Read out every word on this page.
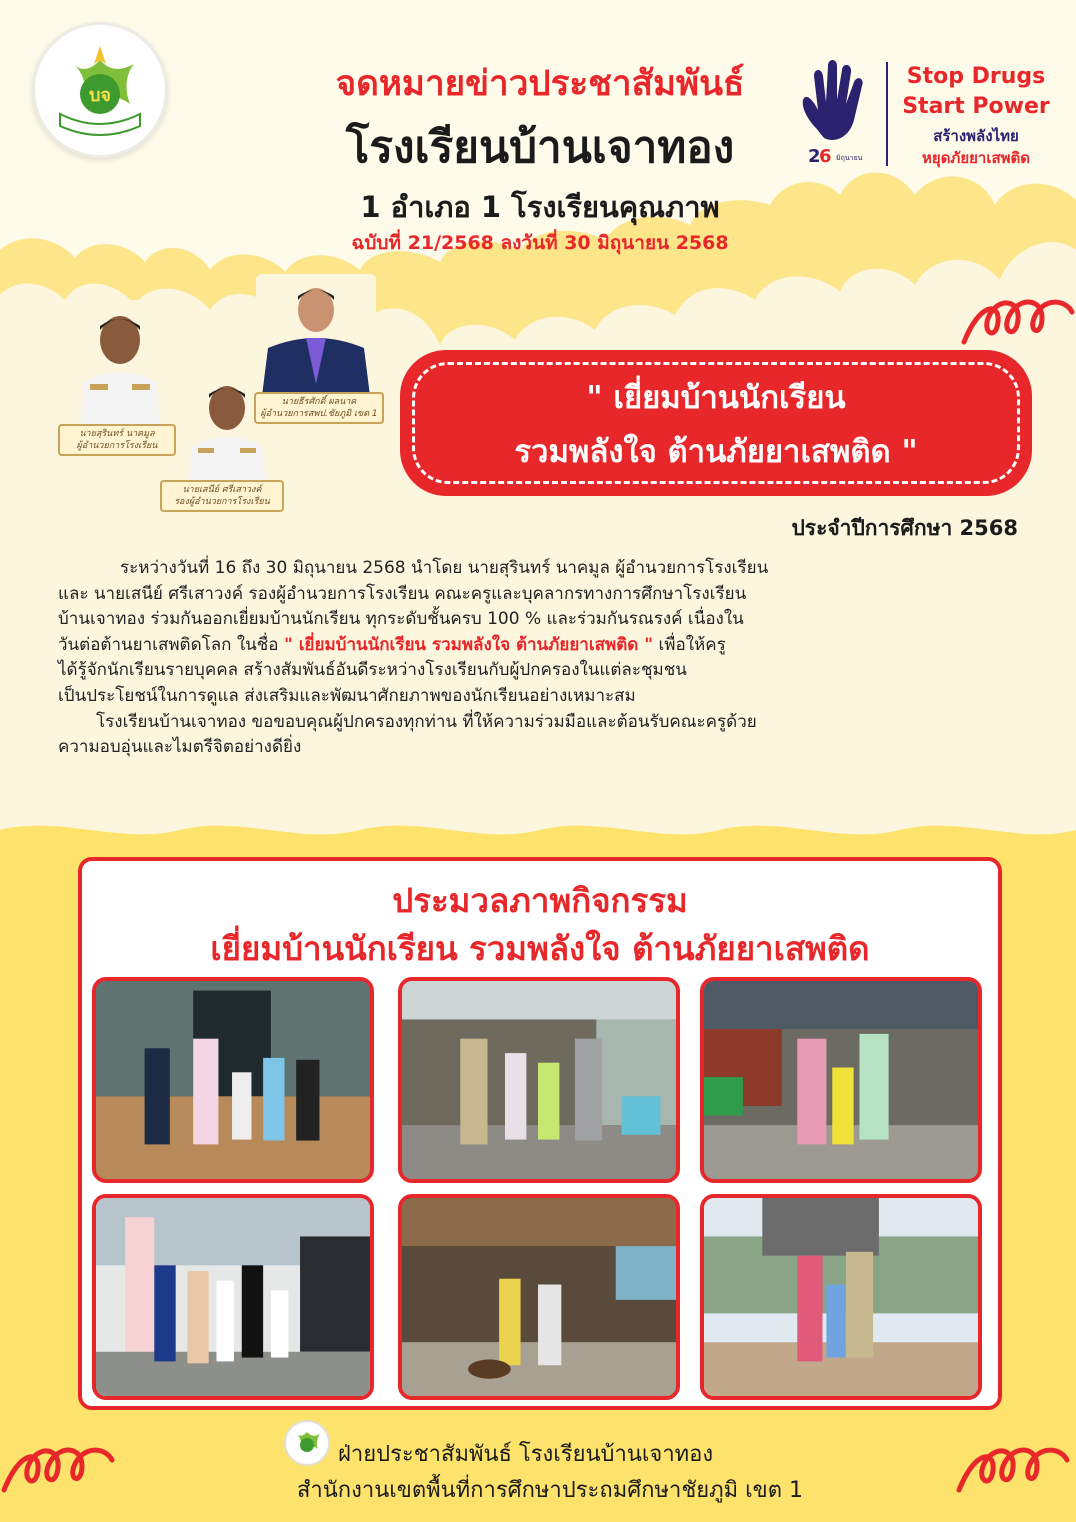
บจ	จดหมายข่าวประชาสัมพันธ์
โรงเรียนบ้านเจาทอง
1 อำเภอ 1 โรงเรียนคุณภาพ
ฉบับที่ 21/2568 ลงวันที่ 30 มิถุนายน 2568
2
6 มิถุนายน
Stop Drugs
Start Power
สร้างพลังไทย
หยุดภัยยาเสพติด
นายสุรินทร์ นาคมูล
ผู้อำนวยการโรงเรียน
นายเสนีย์ ศรีเสาวงค์
รองผู้อำนวยการโรงเรียน
นายธีรศักดิ์ ผลนาค
ผู้อำนวยการสพป.ชัยภูมิ เขต 1	" เยี่ยมบ้านนักเรียน
รวมพลังใจ ต้านภัยยาเสพติด "
ประจำปีการศึกษา 2568

ระหว่างวันที่ 16 ถึง 30 มิถุนายน 2568 นำโดย นายสุรินทร์ นาคมูล ผู้อำนวยการโรงเรียน

และ นายเสนีย์ ศรีเสาวงค์ รองผู้อำนวยการโรงเรียน คณะครูและบุคลากรทางการศึกษาโรงเรียน

บ้านเจาทอง ร่วมกันออกเยี่ยมบ้านนักเรียน ทุกระดับชั้นครบ 100 % และร่วมกันรณรงค์ เนื่องใน

วันต่อต้านยาเสพติดโลก ในชื่อ " เยี่ยมบ้านนักเรียน รวมพลังใจ ต้านภัยยาเสพติด " เพื่อให้ครู

ได้รู้จักนักเรียนรายบุคคล สร้างสัมพันธ์อันดีระหว่างโรงเรียนกับผู้ปกครองในแต่ละชุมชน

เป็นประโยชน์ในการดูแล ส่งเสริมและพัฒนาศักยภาพของนักเรียนอย่างเหมาะสม

โรงเรียนบ้านเจาทอง ขอขอบคุณผู้ปกครองทุกท่าน ที่ให้ความร่วมมือและต้อนรับคณะครูด้วย

ความอบอุ่นและไมตรีจิตอย่างดียิ่ง

ประมวลภาพกิจกรรม
เยี่ยมบ้านนักเรียน รวมพลังใจ ต้านภัยยาเสพติด
ฝ่ายประชาสัมพันธ์ โรงเรียนบ้านเจาทอง
สำนักงานเขตพื้นที่การศึกษาประถมศึกษาชัยภูมิ เขต 1
